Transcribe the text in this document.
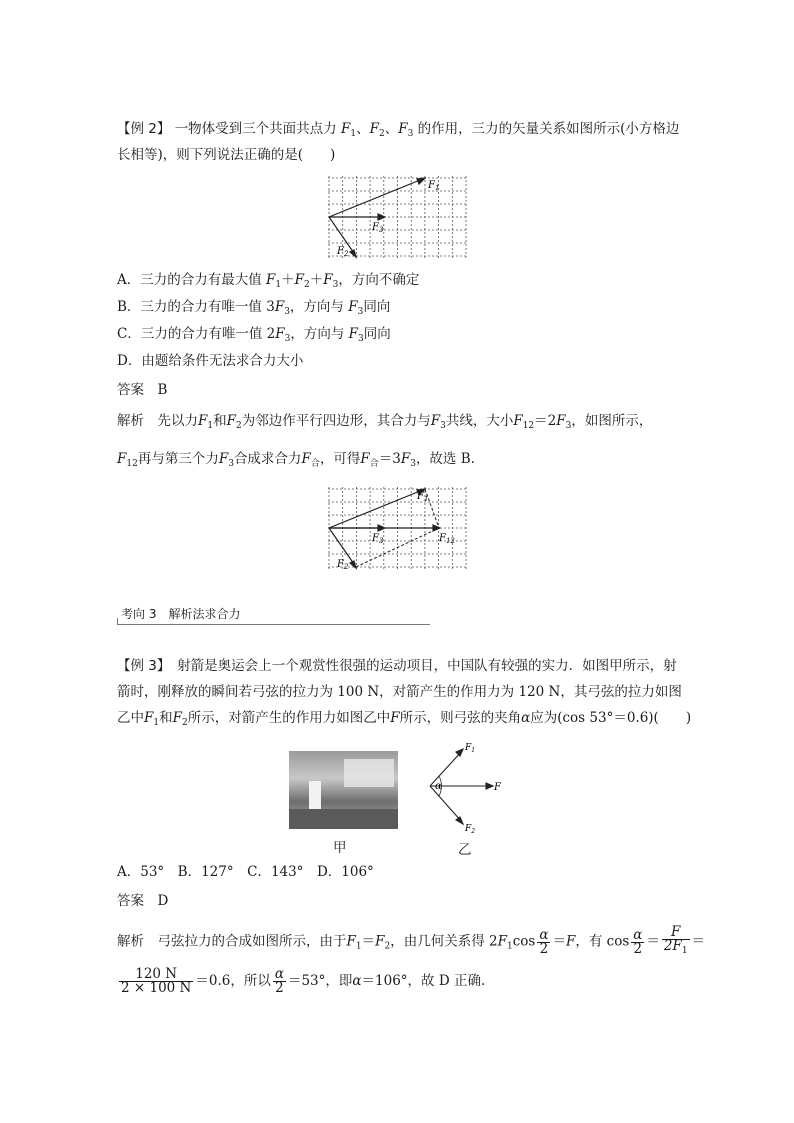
【例 2】 一物体受到三个共面共点力 $F_1$、$F_2$、$F_3$ 的作用，三力的矢量关系如图所示(小方格边
长相等)，则下列说法正确的是(　　)
$F_1$
$F_3$
$F_2$
A．三力的合力有最大值 $F_1+F_2+F_3$，方向不确定
B．三力的合力有唯一值 $3F_3$，方向与 $F_3$同向
C．三力的合力有唯一值 $2F_3$，方向与 $F_3$同向
D．由题给条件无法求合力大小
答案　 B
解析　 先以力$F_1$和$F_2$为邻边作平行四边形，其合力与$F_3$共线，大小$F_{12}=2F_3$，如图所示，
$F_{12}$再与第三个力$F_3$合成求合力$F_合$，可得$F_合=3F_3$，故选 B.
$F_1$
$F_3$	$F_{12}$
$F_2$
考向 3　解析法求合力
【例 3】　 射箭是奥运会上一个观赏性很强的运动项目，中国队有较强的实力．如图甲所示，射
箭时，刚释放的瞬间若弓弦的拉力为 100 N，对箭产生的作用力为 120 N，其弓弦的拉力如图
乙中$F_1$和$F_2$所示，对箭产生的作用力如图乙中F所示，则弓弦的夹角α应为(cos 53°＝0.6)(　　)
甲
α
$F_1$
F
$F_2$
乙
A．53°　B．127°　C．143°　D．106°
答案　 D
解析　 弓弦拉力的合成如图所示，由于$F_1=F_2$，由几何关系得 $2F_1\cos \frac{\alpha}{2} =F$，有 $\cos \frac{\alpha}{2} = \frac{F}{2F_1}$ ＝
$\frac{120 N}{2 \times 100 N} =0.6$，所以 $\frac{\alpha}{2} =53^\circ$，即α＝106°，故 D 正确.
